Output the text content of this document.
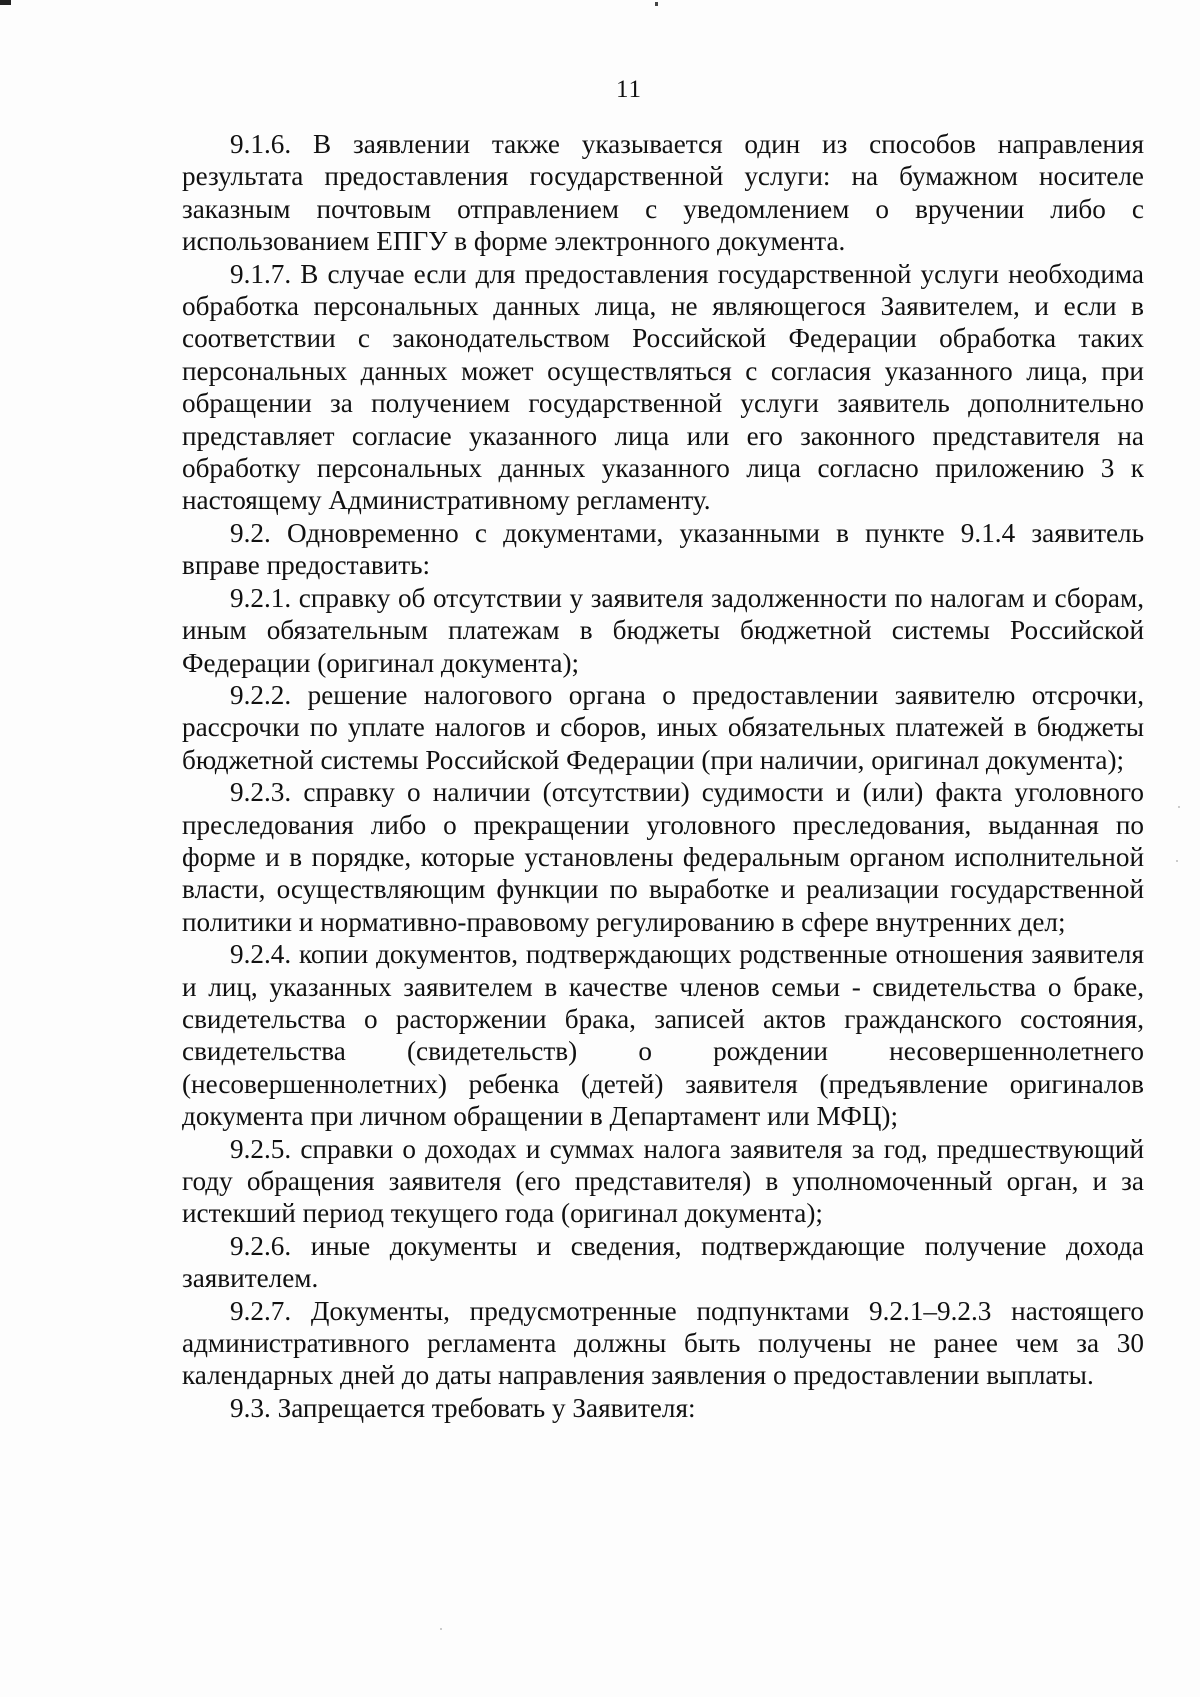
11

9.1.6. В заявлении также указывается один из способов направления результата предоставления государственной услуги: на бумажном носителе заказным почтовым отправлением с уведомлением о вручении либо с использованием ЕПГУ в форме электронного документа.

9.1.7. В случае если для предоставления государственной услуги необходима обработка персональных данных лица, не являющегося Заявителем, и если в соответствии с законодательством Российской Федерации обработка таких персональных данных может осуществляться с согласия указанного лица, при обращении за получением государственной услуги заявитель дополнительно представляет согласие указанного лица или его законного представителя на обработку персональных данных указанного лица согласно приложению 3 к настоящему Административному регламенту.

9.2. Одновременно с документами, указанными в пункте 9.1.4 заявитель вправе предоставить:

9.2.1. справку об отсутствии у заявителя задолженности по налогам и сборам, иным обязательным платежам в бюджеты бюджетной системы Российской Федерации (оригинал документа);

9.2.2. решение налогового органа о предоставлении заявителю отсрочки, рассрочки по уплате налогов и сборов, иных обязательных платежей в бюджеты бюджетной системы Российской Федерации (при наличии, оригинал документа);

9.2.3. справку о наличии (отсутствии) судимости и (или) факта уголовного преследования либо о прекращении уголовного преследования, выданная по форме и в порядке, которые установлены федеральным органом исполнительной власти, осуществляющим функции по выработке и реализации государственной политики и нормативно-правовому регулированию в сфере внутренних дел;

9.2.4. копии документов, подтверждающих родственные отношения заявителя и лиц, указанных заявителем в качестве членов семьи - свидетельства о браке, свидетельства о расторжении брака, записей актов гражданского состояния, свидетельства (свидетельств) о рождении несовершеннолетнего (несовершеннолетних) ребенка (детей) заявителя (предъявление оригиналов документа при личном обращении в Департамент или МФЦ);

9.2.5. справки о доходах и суммах налога заявителя за год, предшествующий году обращения заявителя (его представителя) в уполномоченный орган, и за истекший период текущего года (оригинал документа);

9.2.6. иные документы и сведения, подтверждающие получение дохода заявителем.

9.2.7. Документы, предусмотренные подпунктами 9.2.1–9.2.3 настоящего административного регламента должны быть получены не ранее чем за 30 календарных дней до даты направления заявления о предоставлении выплаты.

9.3. Запрещается требовать у Заявителя:
